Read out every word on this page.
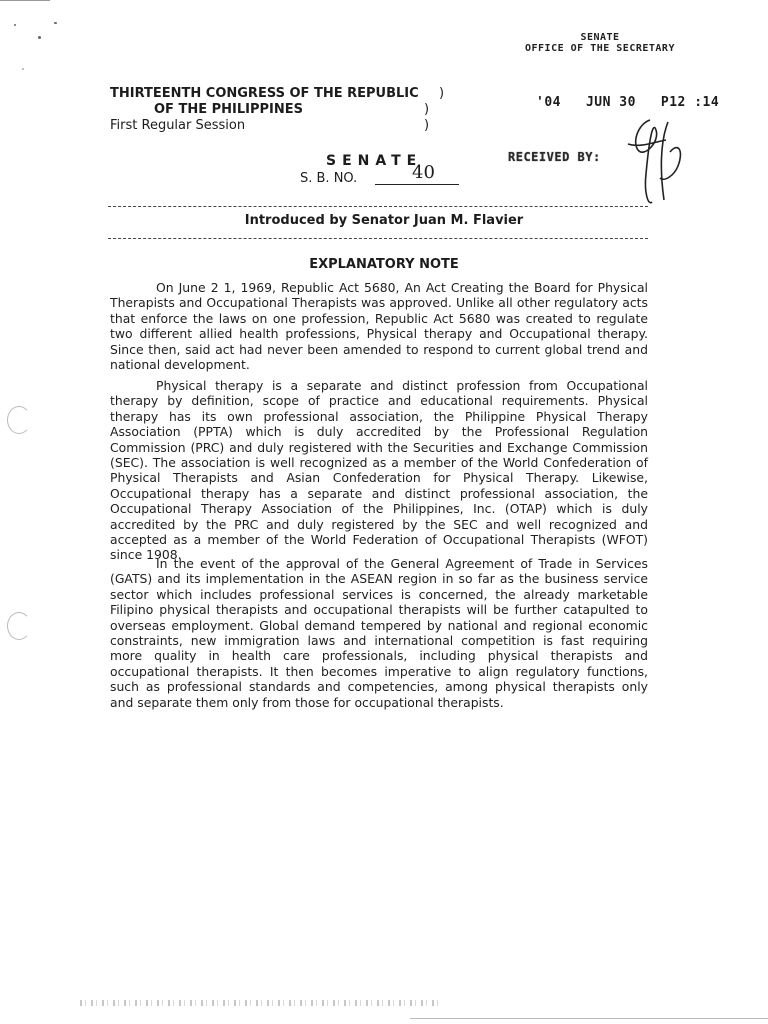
SENATE
OFFICE OF THE SECRETARY
'04   JUN 30   P12 :14
RECEIVED BY:
THIRTEENTH CONGRESS OF THE REPUBLIC )
OF THE PHILIPPINES	)
First Regular Session	)
SENATE
S. B. NO.	40
Introduced by Senator Juan M. Flavier
EXPLANATORY NOTE
On June 2 1, 1969, Republic Act 5680, An Act Creating the Board for Physical Therapists and Occupational Therapists was approved. Unlike all other regulatory acts that enforce the laws on one profession, Republic Act 5680 was created to regulate two different allied health professions, Physical therapy and Occupational therapy. Since then, said act had never been amended to respond to current global trend and national development.
Physical therapy is a separate and distinct profession from Occupational therapy by definition, scope of practice and educational requirements. Physical therapy has its own professional association, the Philippine Physical Therapy Association (PPTA) which is duly accredited by the Professional Regulation Commission (PRC) and duly registered with the Securities and Exchange Commission (SEC). The association is well recognized as a member of the World Confederation of Physical Therapists and Asian Confederation for Physical Therapy. Likewise, Occupational therapy has a separate and distinct professional association, the Occupational Therapy Association of the Philippines, Inc. (OTAP) which is duly accredited by the PRC and duly registered by the SEC and well recognized and accepted as a member of the World Federation of Occupational Therapists (WFOT) since 1908.
In the event of the approval of the General Agreement of Trade in Services (GATS) and its implementation in the ASEAN region in so far as the business service sector which includes professional services is concerned, the already marketable Filipino physical therapists and occupational therapists will be further catapulted to overseas employment. Global demand tempered by national and regional economic constraints, new immigration laws and international competition is fast requiring more quality in health care professionals, including physical therapists and occupational therapists. It then becomes imperative to align regulatory functions, such as professional standards and competencies, among physical therapists only and separate them only from those for occupational therapists.
